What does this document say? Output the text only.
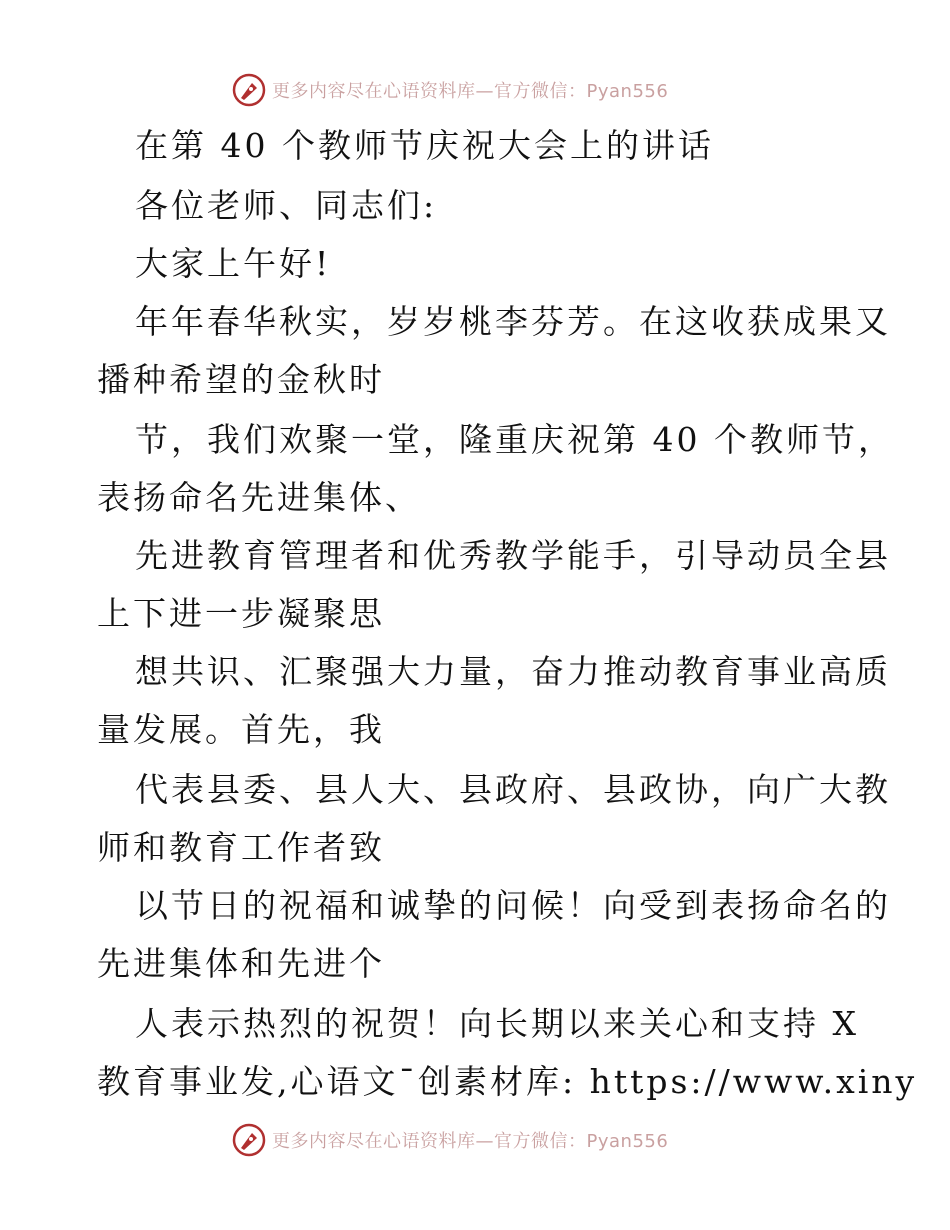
更多内容尽在心语资料库—官方微信：Pyan556
在第 40 个教师节庆祝大会上的讲话
各位老师、同志们:
大家上午好!
年年春华秋实，岁岁桃李芬芳。在这收获成果又
播种希望的金秋时
节，我们欢聚一堂，隆重庆祝第 40 个教师节，
表扬命名先进集体、
先进教育管理者和优秀教学能手，引导动员全县
上下进一步凝聚思
想共识、汇聚强大力量，奋力推动教育事业高质
量发展。首先，我
代表县委、县人大、县政府、县政协，向广大教
师和教育工作者致
以节日的祝福和诚挚的问候！向受到表扬命名的
先进集体和先进个
人表示热烈的祝贺！向长期以来关心和支持 X
教育事业发,心语文¯创素材库: https://www.xiny
更多内容尽在心语资料库—官方微信：Pyan556
